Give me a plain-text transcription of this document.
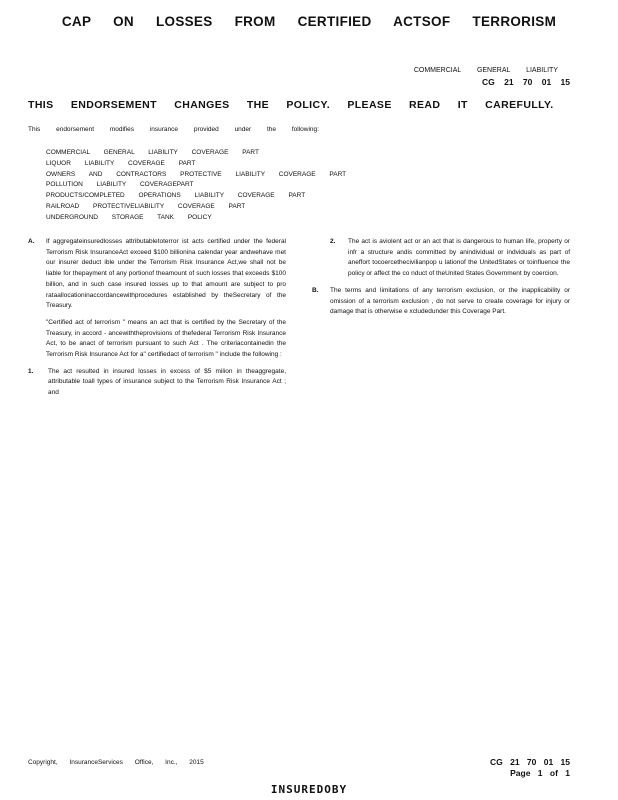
CAP ON LOSSES FROM CERTIFIED ACTSOF TERRORISM
COMMERCIAL GENERAL LIABILITY
CG 21 70 01 15
THIS ENDORSEMENT CHANGES THE POLICY. PLEASE READ IT CAREFULLY.
This endorsement modifies insurance provided under the following:
COMMERCIAL GENERAL LIABILITY COVERAGE PART
LIQUOR LIABILITY COVERAGE PART
OWNERS AND CONTRACTORS PROTECTIVE LIABILITY COVERAGE PART
POLLUTION LIABILITY COVERAGEPART
PRODUCTS/COMPLETED OPERATIONS LIABILITY COVERAGE PART
RAILROAD PROTECTIVELIABILITY COVERAGE PART
UNDERGROUND STORAGE TANK POLICY
A. If aggregateinsuredlosses attributabletoterror ist acts certified under the federal Terrorism Risk InsuranceAct exceed $100 billionina calendar year andwehave met our insurer deduct ible under the Terrorism Risk Insurance Act,we shall not be liable for thepayment of any portionof theamount of such losses that exceeds $100 billion, and in such case insured losses up to that amount are subject to pro rataallocationinaccordancewithprocedures established by theSecretary of the Treasury.

"Certified act of terrorism " means an act that is certified by the Secretary of the Treasury, in accord - ancewiththeprovisions of thefederal Terrorism Risk Insurance Act, to be anact of terrorism pursuant to such Act . The criteriacontainedin the Terrorism Risk Insurance Act for a" certifiedact of terrorism " include the following :

1.	The act resulted in insured losses in excess of $5 milion in theaggregate, attributable toall types of insurance subject to the Terrorism Risk Insurance Act ; and

2. The act is aviolent act or an act that is dangerous to human life, property or infr a structure andis committed by anindividual or indviduals as part of aneffort tocoercethecivilianpop u lationof the UnitedStates or toinfluence the policy or affect the co nduct of theUnited States Government by coercion.

B. The terms and limitations of any terrorism exclusion, or the inapplicability or omission of a terrorism exclusion , do not serve to create coverage for injury or damage that is otherwise e xcludedunder this Coverage Part.

Copyright, InsuranceServices Office, Inc., 2015	CG 21 70 01 15
Page 1 of 1
INSUREDOBY
